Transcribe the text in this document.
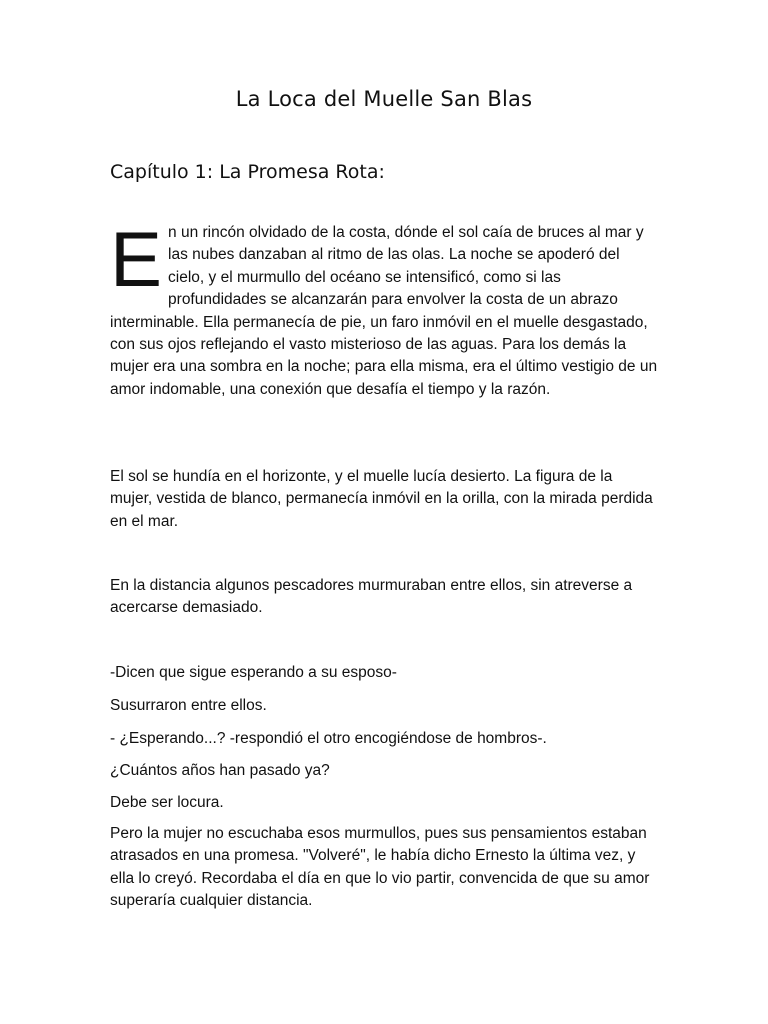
La Loca del Muelle San Blas
Capítulo 1: La Promesa Rota:

E n un rincón olvidado de la costa, dónde el sol caía de bruces al mar y las nubes danzaban al ritmo de las olas. La noche se apoderó del cielo, y el murmullo del océano se intensificó, como si las profundidades se alcanzarán para envolver la costa de un abrazo interminable. Ella permanecía de pie, un faro inmóvil en el muelle desgastado, con sus ojos reflejando el vasto misterioso de las aguas. Para los demás la mujer era una sombra en la noche; para ella misma, era el último vestigio de un amor indomable, una conexión que desafía el tiempo y la razón.

El sol se hundía en el horizonte, y el muelle lucía desierto. La figura de la mujer, vestida de blanco, permanecía inmóvil en la orilla, con la mirada perdida en el mar.

En la distancia algunos pescadores murmuraban entre ellos, sin atreverse a acercarse demasiado.

-Dicen que sigue esperando a su esposo-

Susurraron entre ellos.

- ¿Esperando...? -respondió el otro encogiéndose de hombros-.

¿Cuántos años han pasado ya?

Debe ser locura.

Pero la mujer no escuchaba esos murmullos, pues sus pensamientos estaban atrasados en una promesa. "Volveré", le había dicho Ernesto la última vez, y ella lo creyó. Recordaba el día en que lo vio partir, convencida de que su amor superaría cualquier distancia.
